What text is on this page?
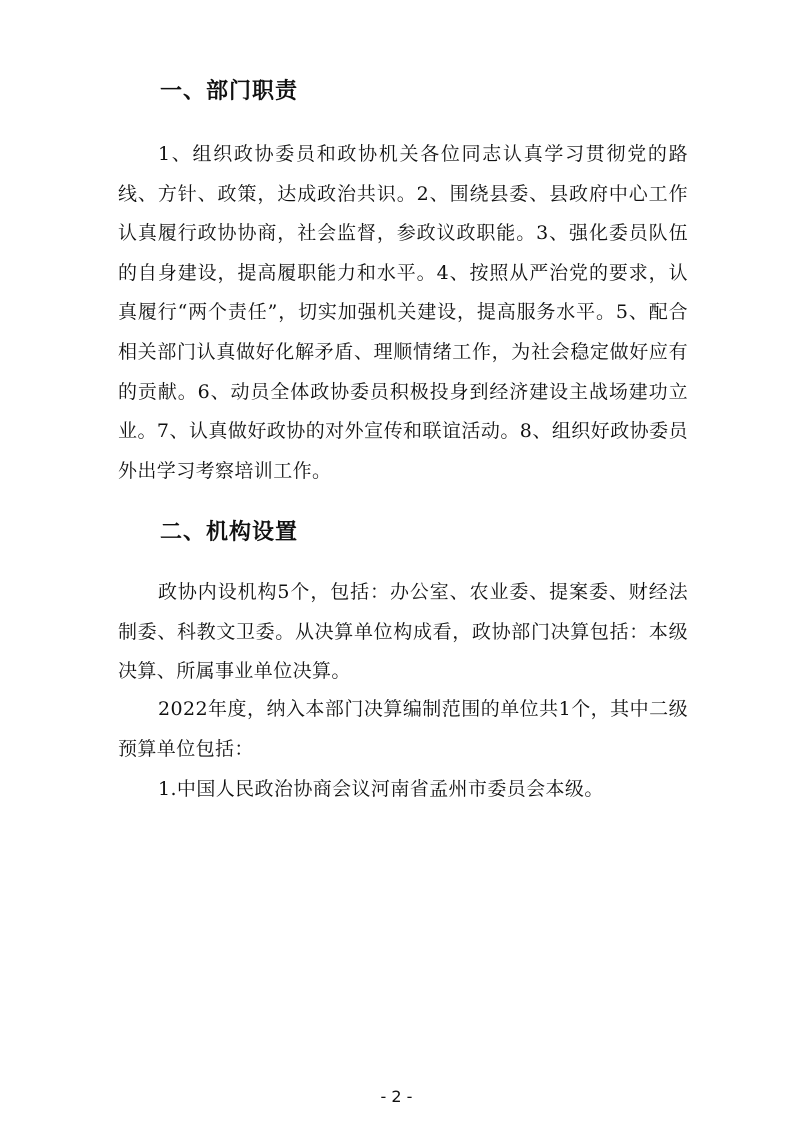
一、部门职责

1、组织政协委员和政协机关各位同志认真学习贯彻党的路线、方针、政策，达成政治共识。2、围绕县委、县政府中心工作认真履行政协协商，社会监督，参政议政职能。3、强化委员队伍的自身建设，提高履职能力和水平。4、按照从严治党的要求，认真履行“两个责任”，切实加强机关建设，提高服务水平。5、配合相关部门认真做好化解矛盾、理顺情绪工作，为社会稳定做好应有的贡献。6、动员全体政协委员积极投身到经济建设主战场建功立业。7、认真做好政协的对外宣传和联谊活动。8、组织好政协委员外出学习考察培训工作。

二、机构设置

政协内设机构5个，包括：办公室、农业委、提案委、财经法制委、科教文卫委。从决算单位构成看，政协部门决算包括：本级决算、所属事业单位决算。

2022年度，纳入本部门决算编制范围的单位共1个，其中二级预算单位包括：

1.中国人民政治协商会议河南省孟州市委员会本级。

- 2 -
